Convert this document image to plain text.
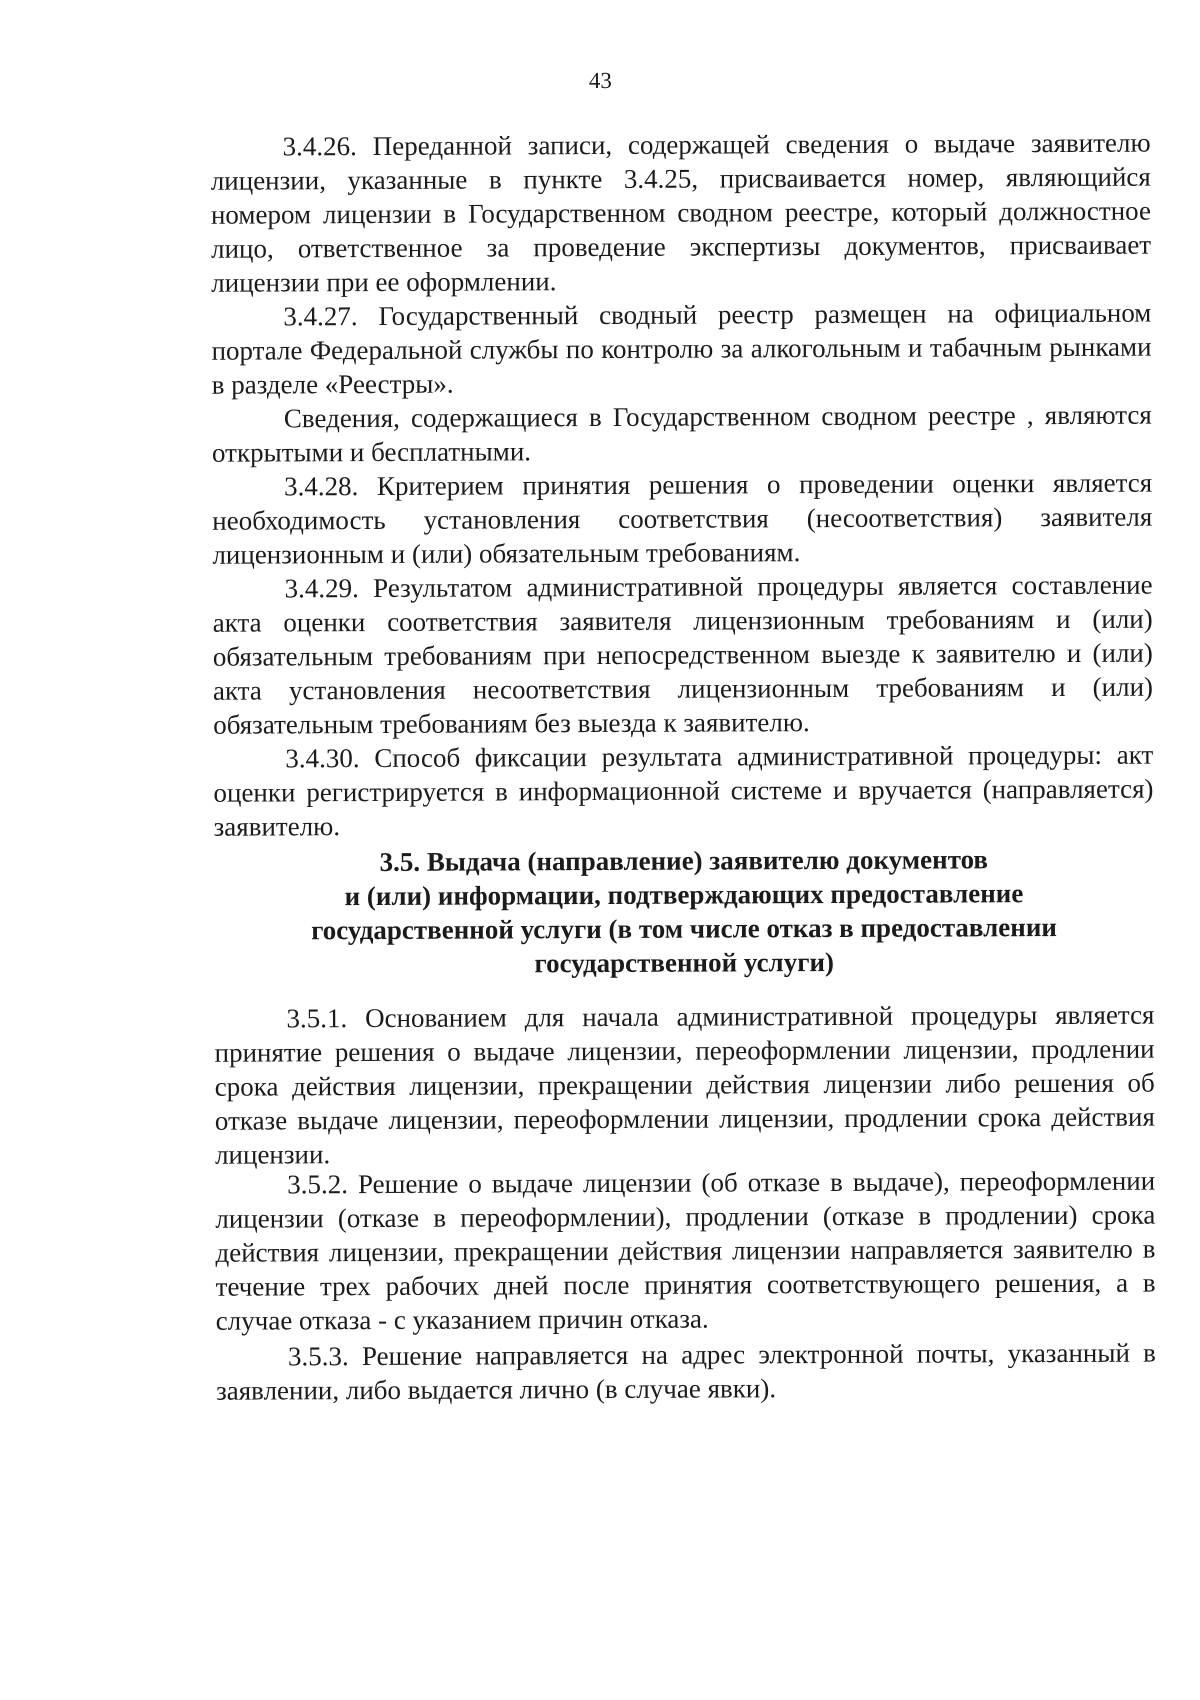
43

3.4.26. Переданной записи, содержащей сведения о выдаче заявителю лицензии, указанные в пункте 3.4.25, присваивается номер, являющийся номером лицензии в Государственном сводном реестре, который должностное лицо, ответственное за проведение экспертизы документов, присваивает лицензии при ее оформлении.

3.4.27. Государственный сводный реестр размещен на официальном портале Федеральной службы по контролю за алкогольным и табачным рынками в разделе «Реестры».

Сведения, содержащиеся в Государственном сводном реестре , являются открытыми и бесплатными.

3.4.28. Критерием принятия решения о проведении оценки является необходимость установления соответствия (несоответствия) заявителя лицензионным и (или) обязательным требованиям.

3.4.29. Результатом административной процедуры является составление акта оценки соответствия заявителя лицензионным требованиям и (или) обязательным требованиям при непосредственном выезде к заявителю и (или) акта установления несоответствия лицензионным требованиям и (или) обязательным требованиям без выезда к заявителю.

3.4.30. Способ фиксации результата административной процедуры: акт оценки регистрируется в информационной системе и вручается (направляется) заявителю.

3.5. Выдача (направление) заявителю документов
и (или) информации, подтверждающих предоставление
государственной услуги (в том числе отказ в предоставлении
государственной услуги)

3.5.1. Основанием для начала административной процедуры является принятие решения о выдаче лицензии, переоформлении лицензии, продлении срока действия лицензии, прекращении действия лицензии либо решения об отказе выдаче лицензии, переоформлении лицензии, продлении срока действия лицензии.

3.5.2. Решение о выдаче лицензии (об отказе в выдаче), переоформлении лицензии (отказе в переоформлении), продлении (отказе в продлении) срока действия лицензии, прекращении действия лицензии направляется заявителю в течение трех рабочих дней после принятия соответствующего решения, а в случае отказа - с указанием причин отказа.

3.5.3. Решение направляется на адрес электронной почты, указанный в заявлении, либо выдается лично (в случае явки).
